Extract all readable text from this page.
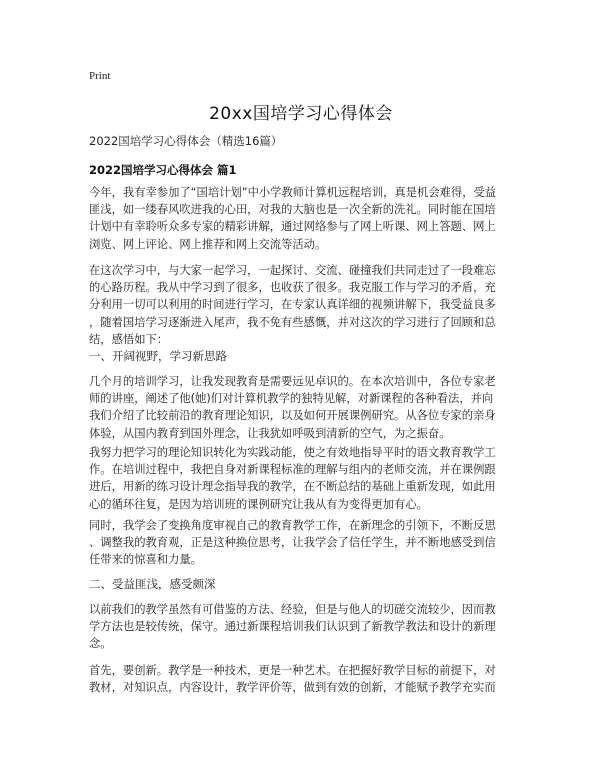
Print
20xx国培学习心得体会
2022国培学习心得体会（精选16篇）
2022国培学习心得体会 篇1
今年，我有幸参加了“国培计划”中小学教师计算机远程培训，真是机会难得，受益
匪浅，如一缕春风吹进我的心田，对我的大脑也是一次全新的洗礼。同时能在国培
计划中有幸聆听众多专家的精彩讲解，通过网络参与了网上听课、网上答题、网上
浏览、网上评论、网上推荐和网上交流等活动。
在这次学习中，与大家一起学习，一起探讨、交流、碰撞我们共同走过了一段难忘
的心路历程。我从中学习到了很多，也收获了很多。我克服工作与学习的矛盾，充
分利用一切可以利用的时间进行学习，在专家认真详细的视频讲解下，我受益良多
，随着国培学习逐渐进入尾声，我不免有些感慨，并对这次的学习进行了回顾和总
结，感悟如下：
一、开阔视野，学习新思路
几个月的培训学习，让我发现教育是需要远见卓识的。在本次培训中，各位专家老
师的讲座，阐述了他(她)们对计算机教学的独特见解，对新课程的各种看法，并向
我们介绍了比较前沿的教育理论知识，以及如何开展课例研究。从各位专家的亲身
体验，从国内教育到国外理念，让我犹如呼吸到清新的空气，为之振奋。
我努力把学习的理论知识转化为实践动能，使之有效地指导平时的语文教育教学工
作。在培训过程中，我把自身对新课程标准的理解与组内的老师交流，并在课例跟
进后，用新的练习设计理念指导我的教学，在不断总结的基础上重新发现，如此用
心的循环往复，是因为培训班的课例研究让我从有为变得更加有心。
同时，我学会了变换角度审视自己的教育教学工作，在新理念的引领下，不断反思
、调整我的教育观，正是这种换位思考，让我学会了信任学生，并不断地感受到信
任带来的惊喜和力量。
二、受益匪浅，感受颇深
以前我们的教学虽然有可借鉴的方法、经验，但是与他人的切磋交流较少，因而教
学方法也是较传统，保守。通过新课程培训我们认识到了新教学教法和设计的新理
念。
首先，要创新。教学是一种技术，更是一种艺术。在把握好教学目标的前提下，对
教材，对知识点，内容设计，教学评价等，做到有效的创新，才能赋予教学充实而
